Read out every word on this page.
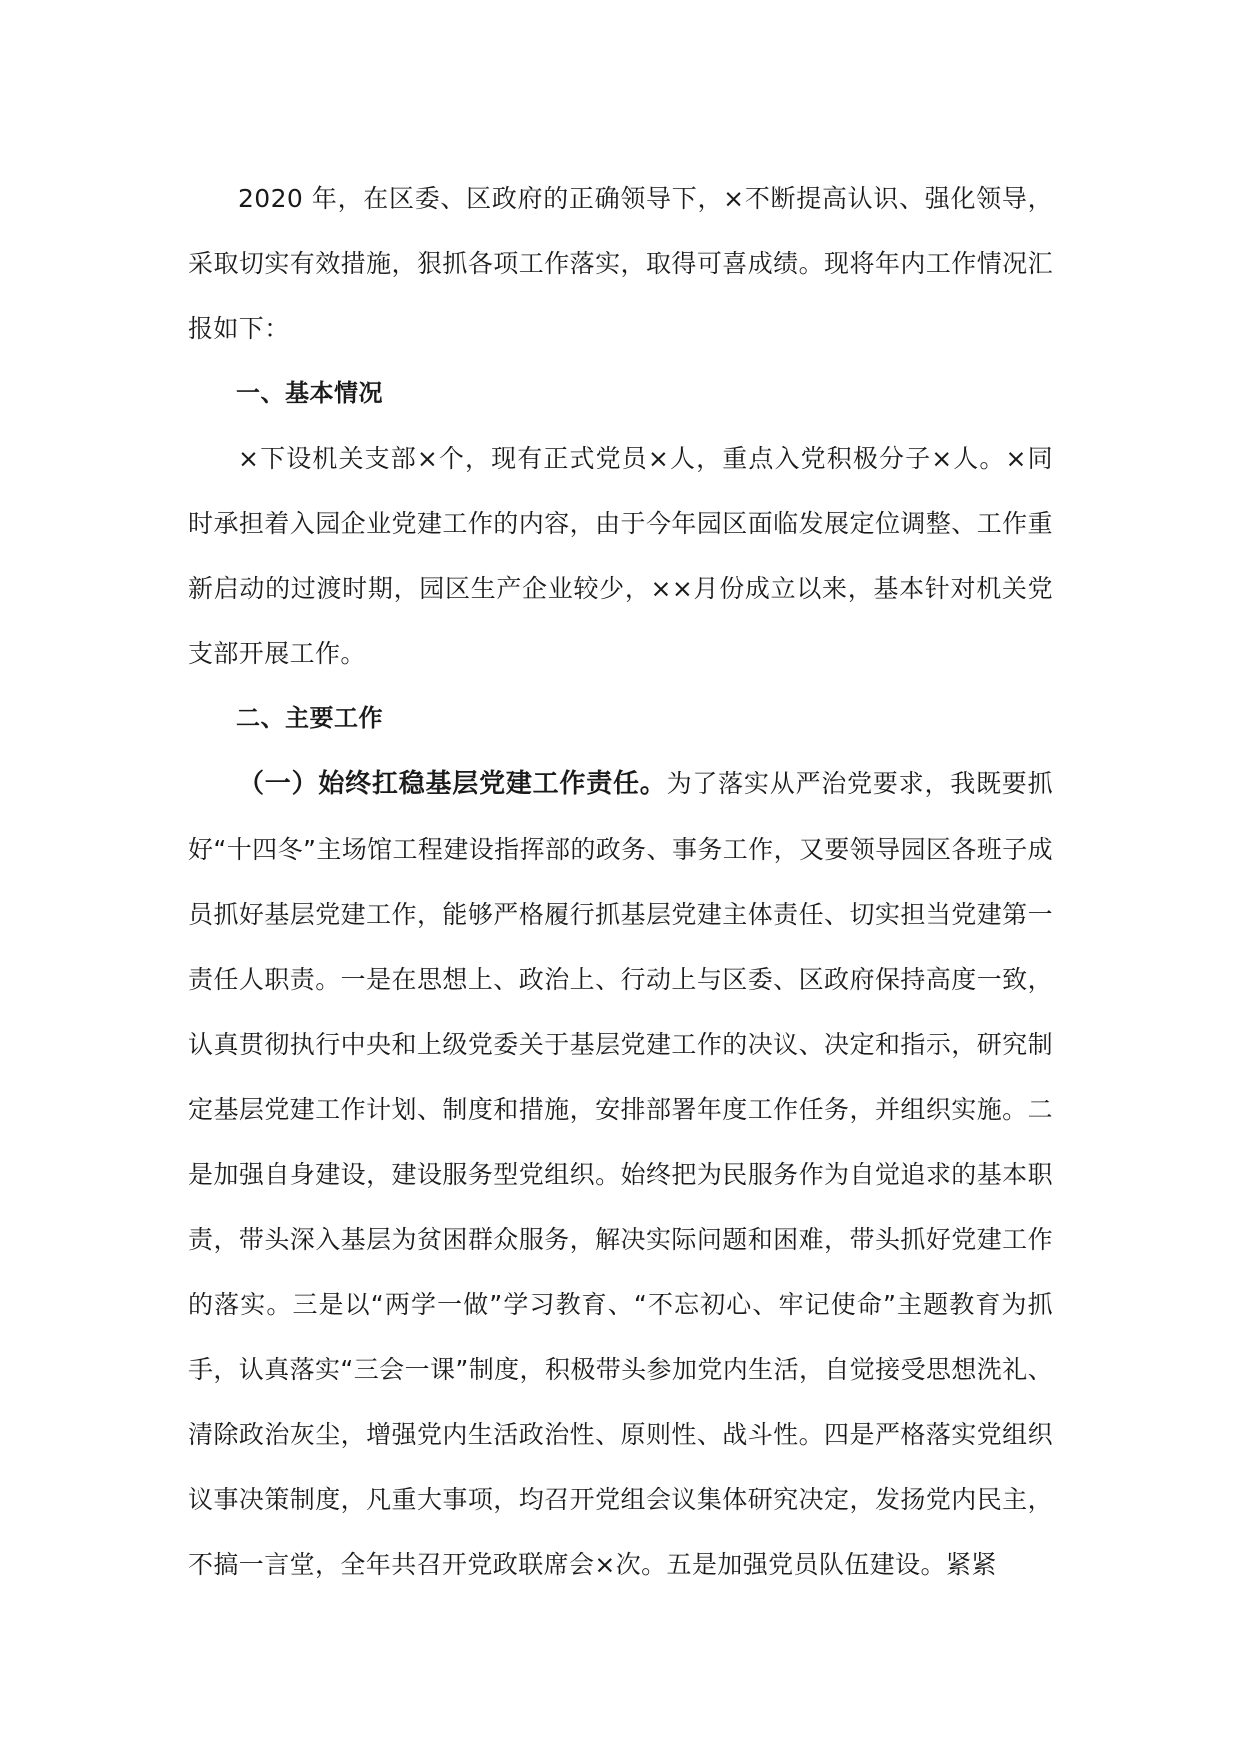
2020 年，在区委、区政府的正确领导下，×不断提高认识、强化领导，采取切实有效措施，狠抓各项工作落实，取得可喜成绩。现将年内工作情况汇报如下：

一、基本情况

×下设机关支部×个，现有正式党员×人，重点入党积极分子×人。×同时承担着入园企业党建工作的内容，由于今年园区面临发展定位调整、工作重新启动的过渡时期，园区生产企业较少，××月份成立以来，基本针对机关党支部开展工作。

二、主要工作

（一）始终扛稳基层党建工作责任。为了落实从严治党要求，我既要抓好“十四冬”主场馆工程建设指挥部的政务、事务工作，又要领导园区各班子成员抓好基层党建工作，能够严格履行抓基层党建主体责任、切实担当党建第一责任人职责。一是在思想上、政治上、行动上与区委、区政府保持高度一致，认真贯彻执行中央和上级党委关于基层党建工作的决议、决定和指示，研究制定基层党建工作计划、制度和措施，安排部署年度工作任务，并组织实施。二是加强自身建设，建设服务型党组织。始终把为民服务作为自觉追求的基本职责，带头深入基层为贫困群众服务，解决实际问题和困难，带头抓好党建工作的落实。三是以“两学一做”学习教育、“不忘初心、牢记使命”主题教育为抓手，认真落实“三会一课”制度，积极带头参加党内生活，自觉接受思想洗礼、清除政治灰尘，增强党内生活政治性、原则性、战斗性。四是严格落实党组织议事决策制度，凡重大事项，均召开党组会议集体研究决定，发扬党内民主，不搞一言堂，全年共召开党政联席会×次。五是加强党员队伍建设。紧紧
